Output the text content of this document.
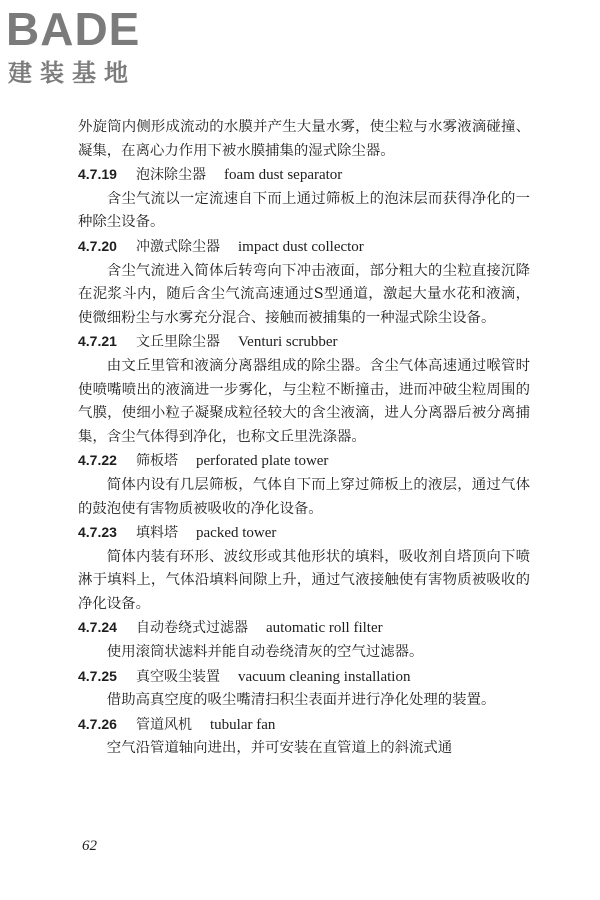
BADE
建装基地

外旋筒内侧形成流动的水膜并产生大量水雾，使尘粒与水雾液滴碰撞、凝集，在离心力作用下被水膜捕集的湿式除尘器。

4.7.19 泡沫除尘器 foam dust separator

含尘气流以一定流速自下而上通过筛板上的泡沫层而获得净化的一种除尘设备。

4.7.20 冲激式除尘器 impact dust collector

含尘气流进入简体后转弯向下冲击液面，部分粗大的尘粒直接沉降在泥浆斗内，随后含尘气流高速通过S型通道，激起大量水花和液滴，使微细粉尘与水雾充分混合、接触而被捕集的一种湿式除尘设备。

4.7.21 文丘里除尘器 Venturi scrubber

由文丘里管和液滴分离器组成的除尘器。含尘气体高速通过喉管时使喷嘴喷出的液滴进一步雾化，与尘粒不断撞击，进而冲破尘粒周围的气膜，使细小粒子凝聚成粒径较大的含尘液滴，进人分离器后被分离捕集，含尘气体得到净化，也称文丘里洗涤器。

4.7.22 筛板塔 perforated plate tower

简体内设有几层筛板，气体自下而上穿过筛板上的液层，通过气体的鼓泡使有害物质被吸收的净化设备。

4.7.23 填料塔 packed tower

简体内装有环形、波纹形或其他形状的填料，吸收剂自塔顶向下喷淋于填料上，气体沿填料间隙上升，通过气液接触使有害物质被吸收的净化设备。

4.7.24 自动卷绕式过滤器 automatic roll filter

使用滚筒状滤料并能自动卷绕清灰的空气过滤器。

4.7.25 真空吸尘装置 vacuum cleaning installation

借助高真空度的吸尘嘴清扫积尘表面并进行净化处理的装置。

4.7.26 管道风机 tubular fan

空气沿管道轴向进出，并可安装在直管道上的斜流式通

62
